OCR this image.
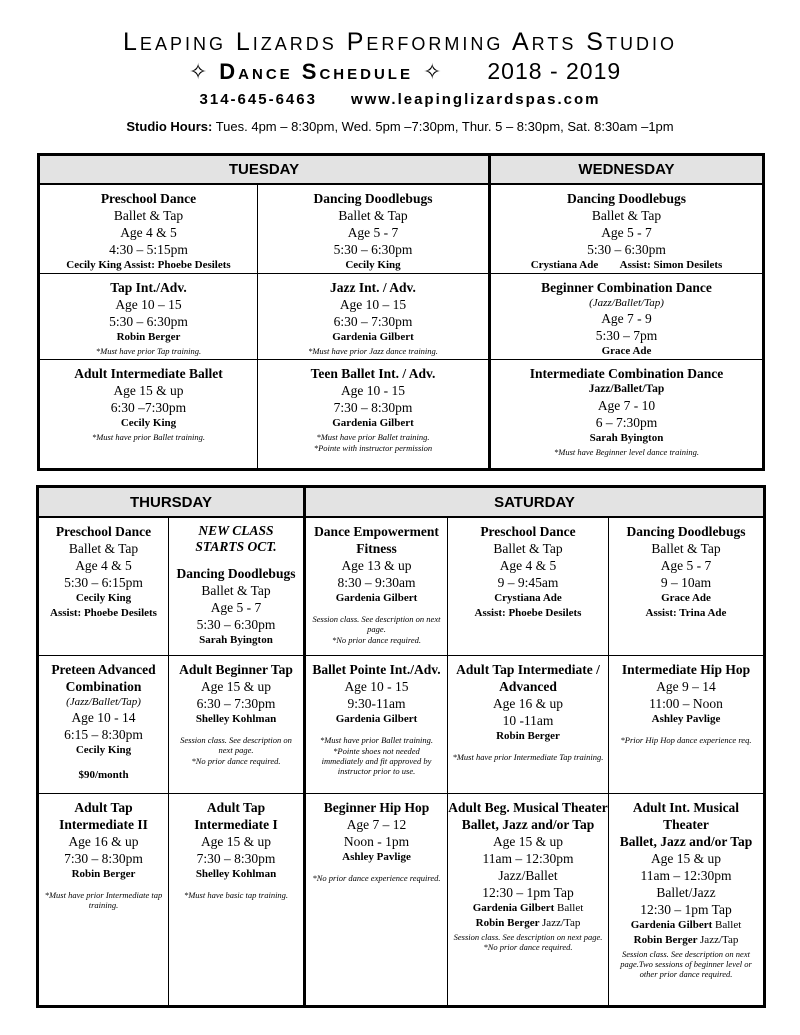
Leaping Lizards Performing Arts Studio
✧ Dance Schedule ✧ 2018 - 2019
314-645-6463 www.leapinglizardspas.com
Studio Hours: Tues. 4pm – 8:30pm, Wed. 5pm –7:30pm, Thur. 5 – 8:30pm, Sat. 8:30am –1pm
TUESDAY	WEDNESDAY
Preschool Dance
Ballet & Tap
Age 4 & 5
4:30 – 5:15pm
Cecily King Assist: Phoebe Desilets
Dancing Doodlebugs
Ballet & Tap
Age 5 - 7
5:30 – 6:30pm
Cecily King
Dancing Doodlebugs
Ballet & Tap
Age 5 - 7
5:30 – 6:30pm
Crystiana Ade        Assist: Simon Desilets
Tap Int./Adv.
Age 10 – 15
5:30 – 6:30pm
Robin Berger
*Must have prior Tap training.
Jazz Int. / Adv.
Age 10 – 15
6:30 – 7:30pm
Gardenia Gilbert
*Must have prior Jazz dance training.
Beginner Combination Dance
(Jazz/Ballet/Tap)
Age 7 - 9
5:30 – 7pm
Grace Ade
Adult Intermediate Ballet
Age 15 & up
6:30 –7:30pm
Cecily King
*Must have prior Ballet training.
Teen Ballet Int. / Adv.
Age 10 - 15
7:30 – 8:30pm
Gardenia Gilbert
*Must have prior Ballet training.
*Pointe with instructor permission
Intermediate Combination Dance
Jazz/Ballet/Tap
Age 7 - 10
6 – 7:30pm
Sarah Byington
*Must have Beginner level dance training.
THURSDAY	SATURDAY
Preschool Dance
Ballet & Tap
Age 4 & 5
5:30 – 6:15pm
Cecily King
Assist: Phoebe Desilets
NEW CLASS
STARTS OCT.
Dancing Doodlebugs
Ballet & Tap
Age 5 - 7
5:30 – 6:30pm
Sarah Byington
Dance Empowerment Fitness
Age 13 & up
8:30 – 9:30am
Gardenia Gilbert
Session class. See description on next page.
*No prior dance required.
Preschool Dance
Ballet & Tap
Age 4 & 5
9 – 9:45am
Crystiana Ade
Assist: Phoebe Desilets
Dancing Doodlebugs
Ballet & Tap
Age 5 - 7
9 – 10am
Grace Ade
Assist: Trina Ade
Preteen Advanced Combination
(Jazz/Ballet/Tap)
Age 10 - 14
6:15 – 8:30pm
Cecily King
$90/month
Adult Beginner Tap
Age 15 & up
6:30 – 7:30pm
Shelley Kohlman
Session class. See description on next page.
*No prior dance required.
Ballet Pointe Int./Adv.
Age 10 - 15
9:30-11am
Gardenia Gilbert
*Must have prior Ballet training.
*Pointe shoes not needed immediately and fit approved by instructor prior to use.
Adult Tap Intermediate / Advanced
Age 16 & up
10 -11am
Robin Berger
*Must have prior Intermediate Tap training.
Intermediate Hip Hop
Age 9 – 14
11:00 – Noon
Ashley Pavlige
*Prior Hip Hop dance experience req.
Adult Tap Intermediate II
Age 16 & up
7:30 – 8:30pm
Robin Berger
*Must have prior Intermediate tap training.
Adult Tap Intermediate I
Age 15 & up
7:30 – 8:30pm
Shelley Kohlman
*Must have basic tap training.
Beginner Hip Hop
Age 7 – 12
Noon - 1pm
Ashley Pavlige
*No prior dance experience required.
Adult Beg. Musical Theater
Ballet, Jazz and/or Tap
Age 15 & up
11am – 12:30pm
Jazz/Ballet
12:30 – 1pm Tap
Gardenia Gilbert Ballet
Robin Berger Jazz/Tap
Session class. See description on next page. *No prior dance required.
Adult Int. Musical Theater
Ballet, Jazz and/or Tap
Age 15 & up
11am – 12:30pm
Ballet/Jazz
12:30 – 1pm Tap
Gardenia Gilbert Ballet
Robin Berger Jazz/Tap
Session class. See description on next page.Two sessions of beginner level or other prior dance required.
